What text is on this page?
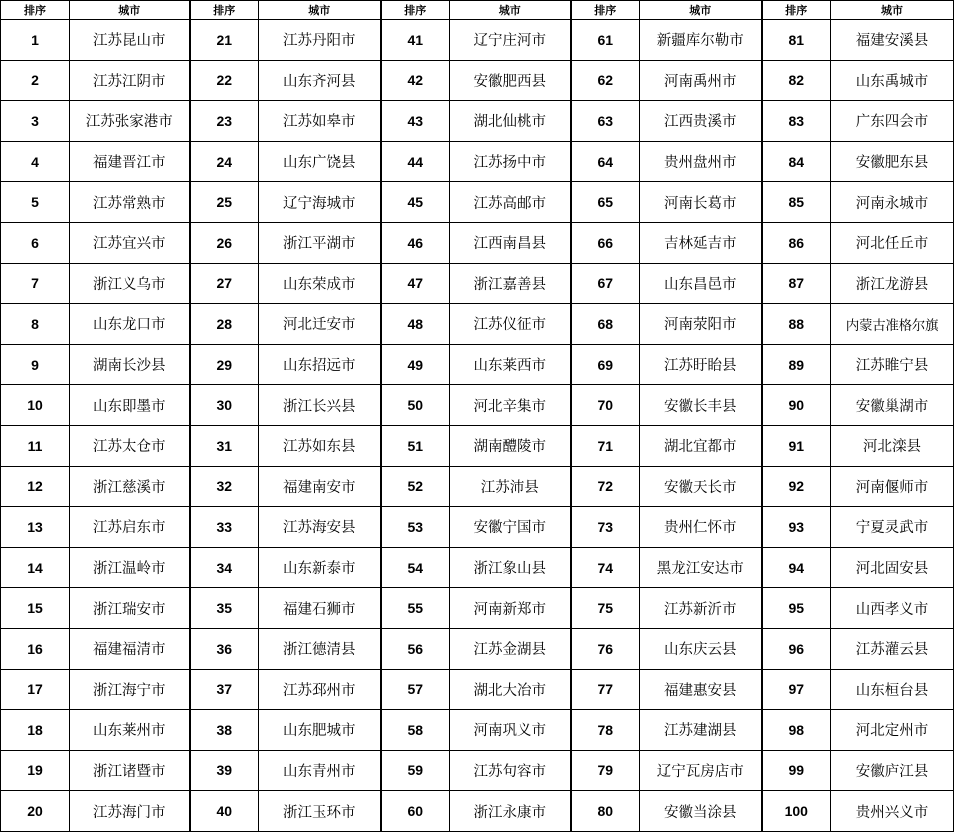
排序	城市	排序	城市	排序	城市	排序	城市	排序	城市
1	江苏昆山市	21	江苏丹阳市	41	辽宁庄河市	61	新疆库尔勒市	81	福建安溪县
2	江苏江阴市	22	山东齐河县	42	安徽肥西县	62	河南禹州市	82	山东禹城市
3	江苏张家港市	23	江苏如皋市	43	湖北仙桃市	63	江西贵溪市	83	广东四会市
4	福建晋江市	24	山东广饶县	44	江苏扬中市	64	贵州盘州市	84	安徽肥东县
5	江苏常熟市	25	辽宁海城市	45	江苏高邮市	65	河南长葛市	85	河南永城市
6	江苏宜兴市	26	浙江平湖市	46	江西南昌县	66	吉林延吉市	86	河北任丘市
7	浙江义乌市	27	山东荣成市	47	浙江嘉善县	67	山东昌邑市	87	浙江龙游县
8	山东龙口市	28	河北迁安市	48	江苏仪征市	68	河南荥阳市	88	内蒙古准格尔旗
9	湖南长沙县	29	山东招远市	49	山东莱西市	69	江苏盱眙县	89	江苏睢宁县
10	山东即墨市	30	浙江长兴县	50	河北辛集市	70	安徽长丰县	90	安徽巢湖市
11	江苏太仓市	31	江苏如东县	51	湖南醴陵市	71	湖北宜都市	91	河北滦县
12	浙江慈溪市	32	福建南安市	52	江苏沛县	72	安徽天长市	92	河南偃师市
13	江苏启东市	33	江苏海安县	53	安徽宁国市	73	贵州仁怀市	93	宁夏灵武市
14	浙江温岭市	34	山东新泰市	54	浙江象山县	74	黑龙江安达市	94	河北固安县
15	浙江瑞安市	35	福建石狮市	55	河南新郑市	75	江苏新沂市	95	山西孝义市
16	福建福清市	36	浙江德清县	56	江苏金湖县	76	山东庆云县	96	江苏灌云县
17	浙江海宁市	37	江苏邳州市	57	湖北大冶市	77	福建惠安县	97	山东桓台县
18	山东莱州市	38	山东肥城市	58	河南巩义市	78	江苏建湖县	98	河北定州市
19	浙江诸暨市	39	山东青州市	59	江苏句容市	79	辽宁瓦房店市	99	安徽庐江县
20	江苏海门市	40	浙江玉环市	60	浙江永康市	80	安徽当涂县	100	贵州兴义市
